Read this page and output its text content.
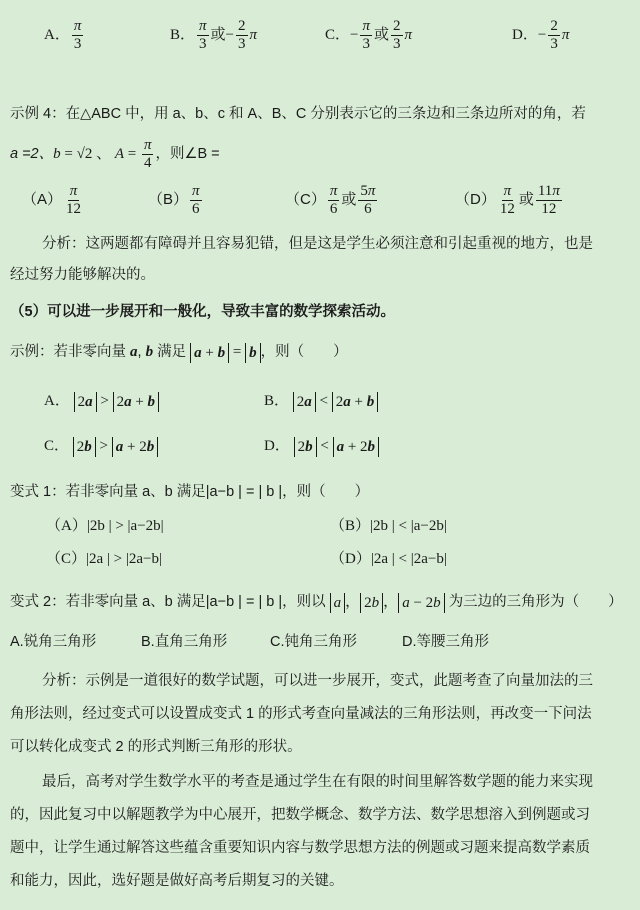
A． $\frac{\pi}{3}$	B． $\frac{\pi}{3}$ 或− $\frac{2}{3}$ π	C．− $\frac{\pi}{3}$ 或 $\frac{2}{3}$ π	D．− $\frac{2}{3}$ π
示例 4：在△ABC 中，用 a、b、c 和 A、B、C 分别表示它的三条边和三条边所对的角，若
a =2、b = √2 、 $A = \frac{\pi}{4}$ ，则∠B =
$(A) \frac{\pi}{12}$	$(B) \frac{\pi}{6}$	$(C) \frac{\pi}{6}$ 或 $\frac{5\pi}{6}$	$(D) \frac{\pi}{12}$ 或 $\frac{11\pi}{12}$
分析：这两题都有障碍并且容易犯错，但是这是学生必须注意和引起重视的地方，也是
经过努力能够解决的。
（5）可以进一步展开和一般化，导致丰富的数学探索活动。
示例：若非零向量 a, b 满足 a + b = b ，则（　　）
A． 2a > 2a + b	B． 2a < 2a + b
C． 2b > a + 2b	D． 2b < a + 2b
变式 1：若非零向量 a、b 满足|a−b | = | b |，则（　　）
（A）|2b | > |a−2b|	（B）|2b | < |a−2b|
（C）|2a | > |2a−b|	（D）|2a | < |2a−b|
变式 2：若非零向量 a、b 满足|a−b | = | b |，则以 a ， 2b ， a − 2b 为三边的三角形为（　　）
A.锐角三角形	B.直角三角形	C.钝角三角形	D.等腰三角形
分析：示例是一道很好的数学试题，可以进一步展开，变式，此题考查了向量加法的三
角形法则，经过变式可以设置成变式 1 的形式考查向量减法的三角形法则，再改变一下问法
可以转化成变式 2 的形式判断三角形的形状。
最后，高考对学生数学水平的考查是通过学生在有限的时间里解答数学题的能力来实现
的，因此复习中以解题教学为中心展开，把数学概念、数学方法、数学思想溶入到例题或习
题中，让学生通过解答这些蕴含重要知识内容与数学思想方法的例题或习题来提高数学素质
和能力，因此，选好题是做好高考后期复习的关键。
